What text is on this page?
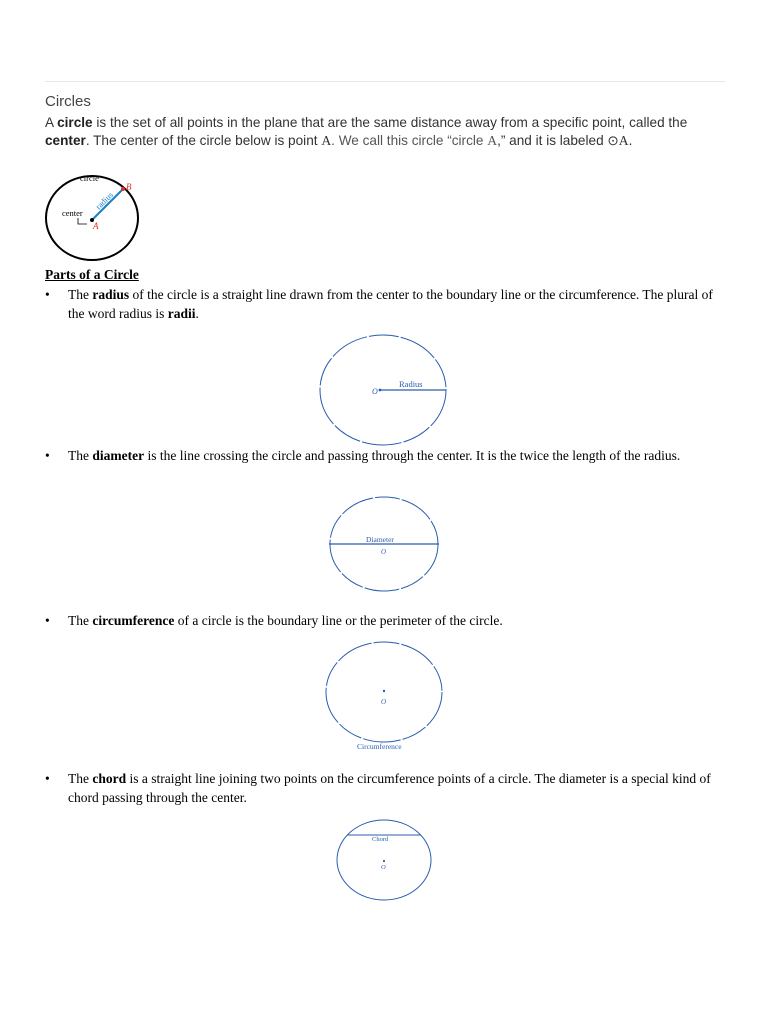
Circles
A circle is the set of all points in the plane that are the same distance away from a specific point, called the center. The center of the circle below is point A. We call this circle “circle A,” and it is labeled ⊙A.
circle
B
radius
center
A
Parts of a Circle
• The radius of the circle is a straight line drawn from the center to the boundary line or the circumference. The plural of the word radius is radii.
Radius
O
• The diameter is the line crossing the circle and passing through the center. It is the twice the length of the radius.
Diameter
O
• The circumference of a circle is the boundary line or the perimeter of the circle.
O
Circumference
• The chord is a straight line joining two points on the circumference points of a circle. The diameter is a special kind of chord passing through the center.
Chord
O
